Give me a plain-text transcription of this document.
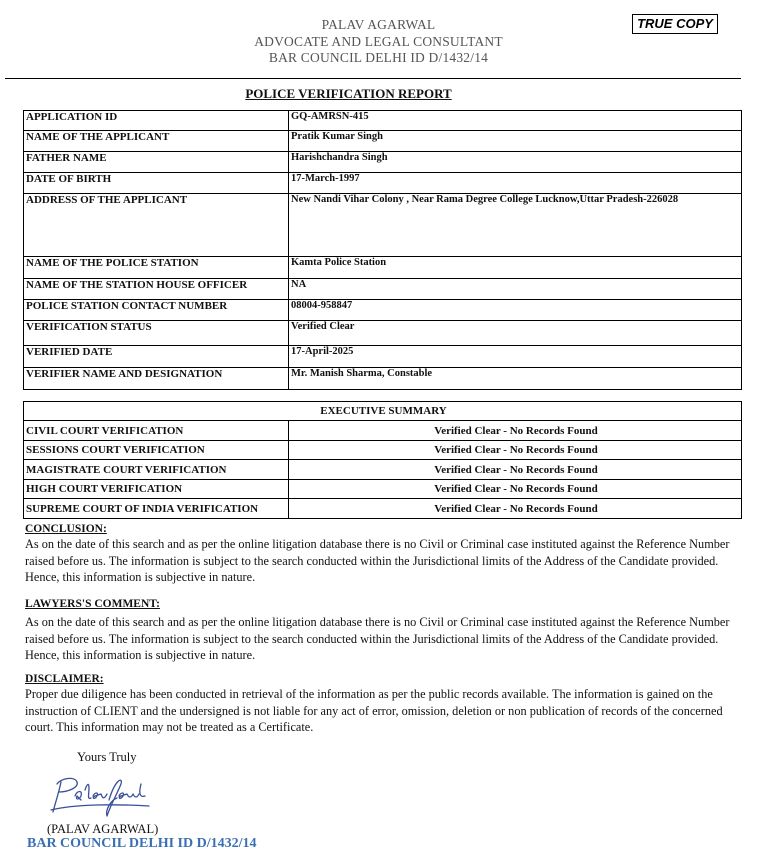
TRUE COPY
PALAV AGARWAL
ADVOCATE AND LEGAL CONSULTANT
BAR COUNCIL DELHI ID D/1432/14
POLICE VERIFICATION REPORT
APPLICATION ID	GQ-AMRSN-415
NAME OF THE APPLICANT	Pratik Kumar Singh
FATHER NAME	Harishchandra Singh
DATE OF BIRTH	17-March-1997
ADDRESS OF THE APPLICANT	New Nandi Vihar Colony , Near Rama Degree College Lucknow,Uttar Pradesh-226028
NAME OF THE POLICE STATION	Kamta Police Station
NAME OF THE STATION HOUSE OFFICER	NA
POLICE STATION CONTACT NUMBER	08004-958847
VERIFICATION STATUS	Verified Clear
VERIFIED DATE	17-April-2025
VERIFIER NAME AND DESIGNATION	Mr. Manish Sharma, Constable
EXECUTIVE SUMMARY	
CIVIL COURT VERIFICATION	Verified Clear - No Records Found
SESSIONS COURT VERIFICATION	Verified Clear - No Records Found
MAGISTRATE COURT VERIFICATION	Verified Clear - No Records Found
HIGH COURT VERIFICATION	Verified Clear - No Records Found
SUPREME COURT OF INDIA VERIFICATION	Verified Clear - No Records Found
CONCLUSION:

As on the date of this search and as per the online litigation database there is no Civil or Criminal case instituted against the Reference Number raised before us. The information is subject to the search conducted within the Jurisdictional limits of the Address of the Candidate provided. Hence, this information is subjective in nature.

LAWYERS'S COMMENT:

As on the date of this search and as per the online litigation database there is no Civil or Criminal case instituted against the Reference Number raised before us. The information is subject to the search conducted within the Jurisdictional limits of the Address of the Candidate provided. Hence, this information is subjective in nature.

DISCLAIMER:

Proper due diligence has been conducted in retrieval of the information as per the public records available. The information is gained on the instruction of CLIENT and the undersigned is not liable for any act of error, omission, deletion or non publication of records of the concerned court. This information may not be treated as a Certificate.

Yours Truly
(PALAV AGARWAL)
BAR COUNCIL DELHI ID D/1432/14
